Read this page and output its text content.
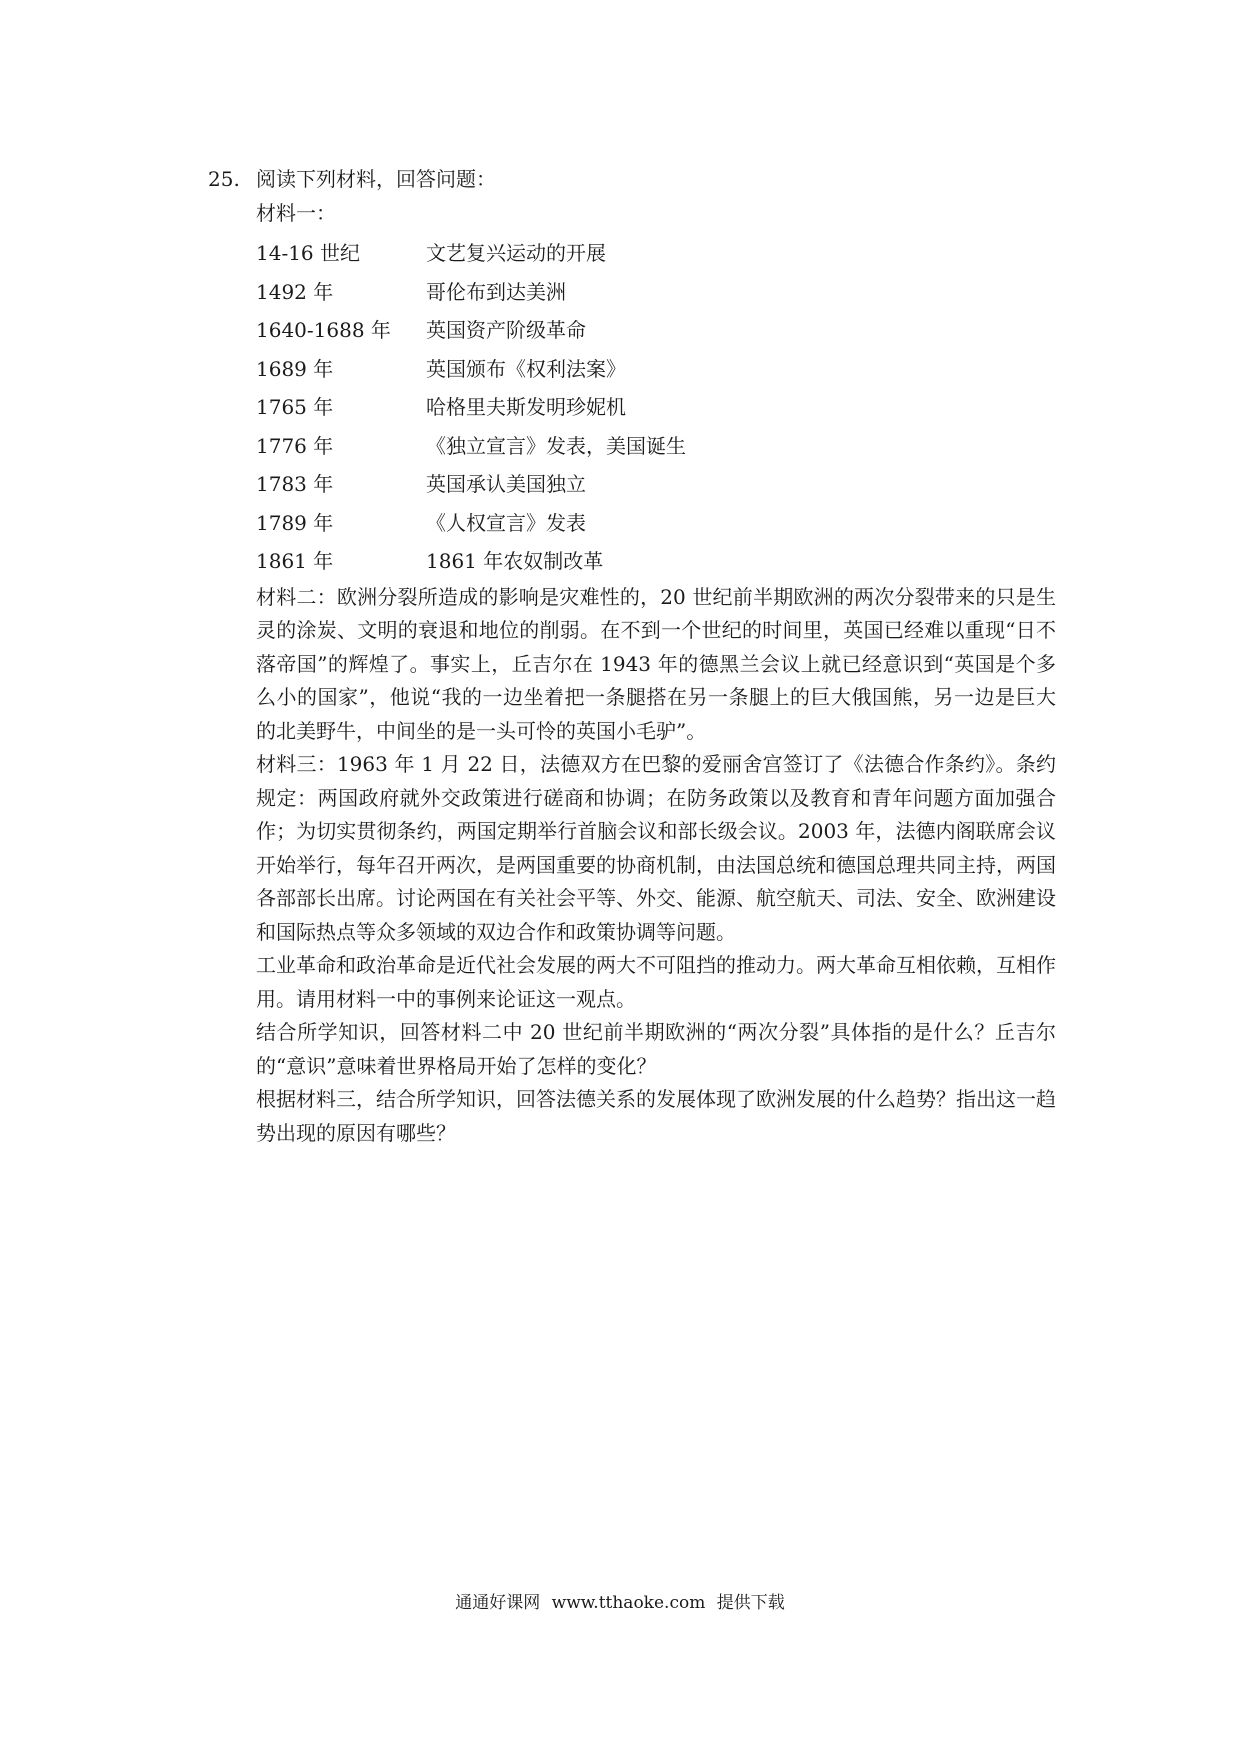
25. 阅读下列材料，回答问题：
材料一：
14-16 世纪	文艺复兴运动的开展
1492 年	哥伦布到达美洲
1640-1688 年	英国资产阶级革命
1689 年	英国颁布《权利法案》
1765 年	哈格里夫斯发明珍妮机
1776 年	《独立宣言》发表，美国诞生
1783 年	英国承认美国独立
1789 年	《人权宣言》发表
1861 年	1861 年农奴制改革
材料二：欧洲分裂所造成的影响是灾难性的，20 世纪前半期欧洲的两次分裂带来的只是生灵的涂炭、文明的衰退和地位的削弱。在不到一个世纪的时间里，英国已经难以重现“日不落帝国”的辉煌了。事实上，丘吉尔在 1943 年的德黑兰会议上就已经意识到“英国是个多么小的国家”，他说“我的一边坐着把一条腿搭在另一条腿上的巨大俄国熊，另一边是巨大的北美野牛，中间坐的是一头可怜的英国小毛驴”。
材料三：1963 年 1 月 22 日，法德双方在巴黎的爱丽舍宫签订了《法德合作条约》。条约规定：两国政府就外交政策进行磋商和协调；在防务政策以及教育和青年问题方面加强合作；为切实贯彻条约，两国定期举行首脑会议和部长级会议。2003 年，法德内阁联席会议开始举行，每年召开两次，是两国重要的协商机制，由法国总统和德国总理共同主持，两国各部部长出席。讨论两国在有关社会平等、外交、能源、航空航天、司法、安全、欧洲建设和国际热点等众多领域的双边合作和政策协调等问题。
工业革命和政治革命是近代社会发展的两大不可阻挡的推动力。两大革命互相依赖，互相作用。请用材料一中的事例来论证这一观点。
结合所学知识，回答材料二中 20 世纪前半期欧洲的“两次分裂”具体指的是什么？丘吉尔的“意识”意味着世界格局开始了怎样的变化？
根据材料三，结合所学知识，回答法德关系的发展体现了欧洲发展的什么趋势？指出这一趋势出现的原因有哪些？
通通好课网 www.tthaoke.com 提供下载
